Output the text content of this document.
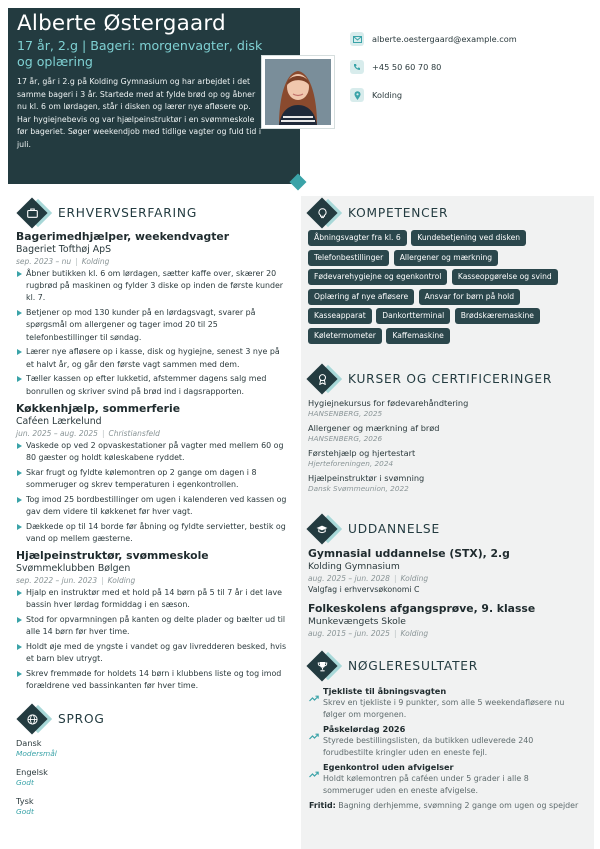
Alberte Østergaard
17 år, 2.g | Bageri: morgenvagter, disk og oplæring
17 år, går i 2.g på Kolding Gymnasium og har arbejdet i det samme bageri i 3 år. Startede med at fylde brød op og åbner nu kl. 6 om lørdagen, står i disken og lærer nye afløsere op. Har hygiejnebevis og var hjælpeinstruktør i en svømmeskole før bageriet. Søger weekendjob med tidlige vagter og fuld tid i juli.
alberte.oestergaard@example.com
+45 50 60 70 80
Kolding
ERHVERVSERFARING
Bagerimedhjælper, weekendvagter
Bageriet Tofthøj ApS
sep. 2023 – nu | Kolding
Åbner butikken kl. 6 om lørdagen, sætter kaffe over, skærer 20 rugbrød på maskinen og fylder 3 diske op inden de første kunder kl. 7.
Betjener op mod 130 kunder på en lørdagsvagt, svarer på spørgsmål om allergener og tager imod 20 til 25 telefonbestillinger til søndag.
Lærer nye afløsere op i kasse, disk og hygiejne, senest 3 nye på et halvt år, og går den første vagt sammen med dem.
Tæller kassen op efter lukketid, afstemmer dagens salg med bonrullen og skriver svind på brød ind i dagsrapporten.
Køkkenhjælp, sommerferie
Caféen Lærkelund
jun. 2025 – aug. 2025 | Christiansfeld
Vaskede op ved 2 opvaskestationer på vagter med mellem 60 og 80 gæster og holdt køleskabene ryddet.
Skar frugt og fyldte kølemontren op 2 gange om dagen i 8 sommeruger og skrev temperaturen i egenkontrollen.
Tog imod 25 bordbestillinger om ugen i kalenderen ved kassen og gav dem videre til køkkenet før hver vagt.
Dækkede op til 14 borde før åbning og fyldte servietter, bestik og vand op mellem gæsterne.
Hjælpeinstruktør, svømmeskole
Svømmeklubben Bølgen
sep. 2022 – jun. 2023 | Kolding
Hjalp en instruktør med et hold på 14 børn på 5 til 7 år i det lave bassin hver lørdag formiddag i en sæson.
Stod for opvarmningen på kanten og delte plader og bælter ud til alle 14 børn før hver time.
Holdt øje med de yngste i vandet og gav livredderen besked, hvis et barn blev utrygt.
Skrev fremmøde for holdets 14 børn i klubbens liste og tog imod forældrene ved bassinkanten før hver time.
SPROG
Dansk
Modersmål
Engelsk
Godt
Tysk
Godt
KOMPETENCER
Åbningsvagter fra kl. 6	Kundebetjening ved disken
Telefonbestillinger	Allergener og mærkning
Fødevarehygiejne og egenkontrol	Kasseopgørelse og svind
Oplæring af nye afløsere	Ansvar for børn på hold
Kasseapparat	Dankortterminal	Brødskæremaskine
Køletermometer	Kaffemaskine
KURSER OG CERTIFICERINGER
Hygiejnekursus for fødevarehåndtering
HANSENBERG, 2025
Allergener og mærkning af brød
HANSENBERG, 2026
Førstehjælp og hjertestart
Hjerteforeningen, 2024
Hjælpeinstruktør i svømning
Dansk Svømmeunion, 2022
UDDANNELSE
Gymnasial uddannelse (STX), 2.g
Kolding Gymnasium
aug. 2025 – jun. 2028 | Kolding
Valgfag i erhvervsøkonomi C
Folkeskolens afgangsprøve, 9. klasse
Munkevængets Skole
aug. 2015 – jun. 2025 | Kolding
NØGLERESULTATER
Tjekliste til åbningsvagten
Skrev en tjekliste i 9 punkter, som alle 5 weekendafløsere nu følger om morgenen.
Påskelørdag 2026
Styrede bestillingslisten, da butikken udleverede 240 forudbestilte kringler uden en eneste fejl.
Egenkontrol uden afvigelser
Holdt kølemontren på caféen under 5 grader i alle 8 sommeruger uden en eneste afvigelse.
Fritid: Bagning derhjemme, svømning 2 gange om ugen og spejder
